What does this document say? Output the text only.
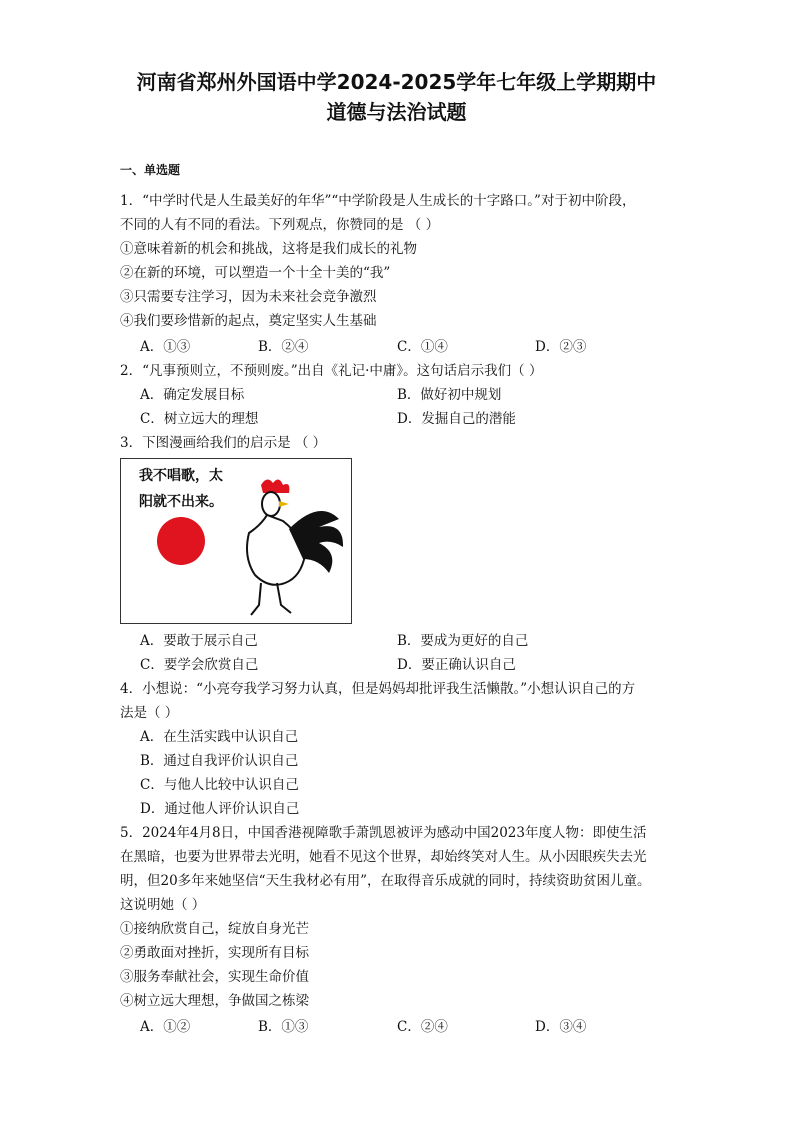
河南省郑州外国语中学2024-2025学年七年级上学期期中
道德与法治试题
一、单选题
1．“中学时代是人生最美好的年华”“中学阶段是人生成长的十字路口。”对于初中阶段，
不同的人有不同的看法。下列观点，你赞同的是 （ ）
①意味着新的机会和挑战，这将是我们成长的礼物
②在新的环境，可以塑造一个十全十美的“我”
③只需要专注学习，因为未来社会竞争激烈
④我们要珍惜新的起点，奠定坚实人生基础
A．①③	B．②④	C．①④	D．②③
2．“凡事预则立，不预则废。”出自《礼记·中庸》。这句话启示我们（ ）
A．确定发展目标	B．做好初中规划
C．树立远大的理想	D．发掘自己的潜能
3．下图漫画给我们的启示是 （ ）
我不唱歌，太
阳就不出来。
A．要敢于展示自己	B．要成为更好的自己
C．要学会欣赏自己	D．要正确认识自己
4．小想说：“小亮夸我学习努力认真，但是妈妈却批评我生活懒散。”小想认识自己的方
法是（ ）
A．在生活实践中认识自己
B．通过自我评价认识自己
C．与他人比较中认识自己
D．通过他人评价认识自己
5．2024年4月8日，中国香港视障歌手萧凯恩被评为感动中国2023年度人物：即使生活
在黑暗，也要为世界带去光明，她看不见这个世界，却始终笑对人生。从小因眼疾失去光
明，但20多年来她坚信“天生我材必有用”，在取得音乐成就的同时，持续资助贫困儿童。
这说明她（ ）
①接纳欣赏自己，绽放自身光芒
②勇敢面对挫折，实现所有目标
③服务奉献社会，实现生命价值
④树立远大理想，争做国之栋梁
A．①②	B．①③	C．②④	D．③④
